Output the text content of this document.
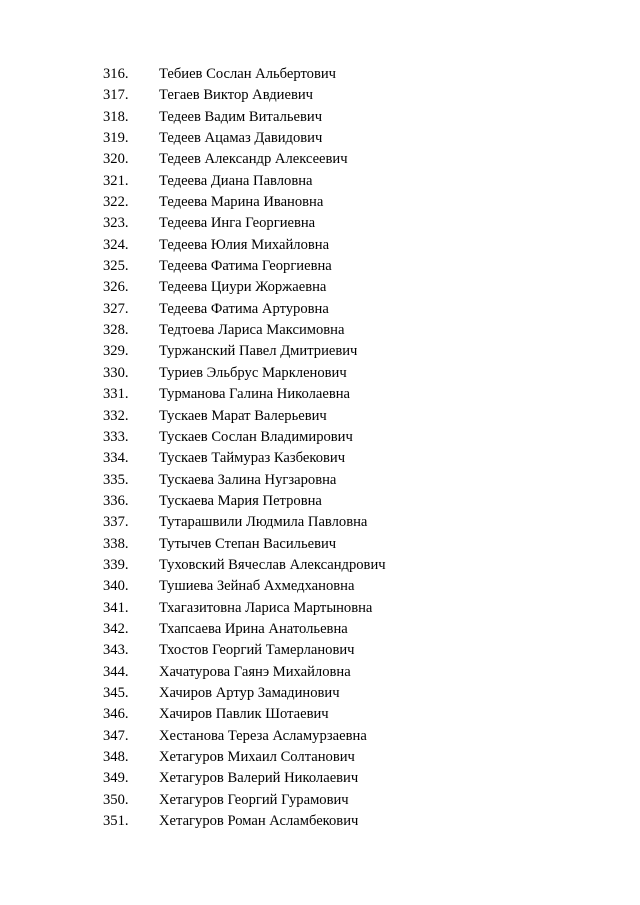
316. Тебиев Сослан Альбертович
317. Тегаев Виктор Авдиевич
318. Тедеев Вадим Витальевич
319. Тедеев Ацамаз Давидович
320. Тедеев Александр Алексеевич
321. Тедеева Диана Павловна
322. Тедеева Марина Ивановна
323. Тедеева Инга Георгиевна
324. Тедеева Юлия Михайловна
325. Тедеева Фатима Георгиевна
326. Тедеева Циури Жоржаевна
327. Тедеева Фатима Артуровна
328. Тедтоева Лариса Максимовна
329. Туржанский Павел Дмитриевич
330. Туриев Эльбрус Маркленович
331. Турманова Галина Николаевна
332. Тускаев Марат Валерьевич
333. Тускаев Сослан Владимирович
334. Тускаев Таймураз Казбекович
335. Тускаева Залина Нугзаровна
336. Тускаева Мария Петровна
337. Тутарашвили Людмила Павловна
338. Тутычев Степан Васильевич
339. Туховский Вячеслав Александрович
340. Тушиева Зейнаб Ахмедхановна
341. Тхагазитовна Лариса Мартыновна
342. Тхапсаева Ирина Анатольевна
343. Тхостов Георгий Тамерланович
344. Хачатурова Гаянэ Михайловна
345. Хачиров Артур Замадинович
346. Хачиров Павлик Шотаевич
347. Хестанова Тереза Асламурзаевна
348. Хетагуров Михаил Солтанович
349. Хетагуров Валерий Николаевич
350. Хетагуров Георгий Гурамович
351. Хетагуров Роман Асламбекович
